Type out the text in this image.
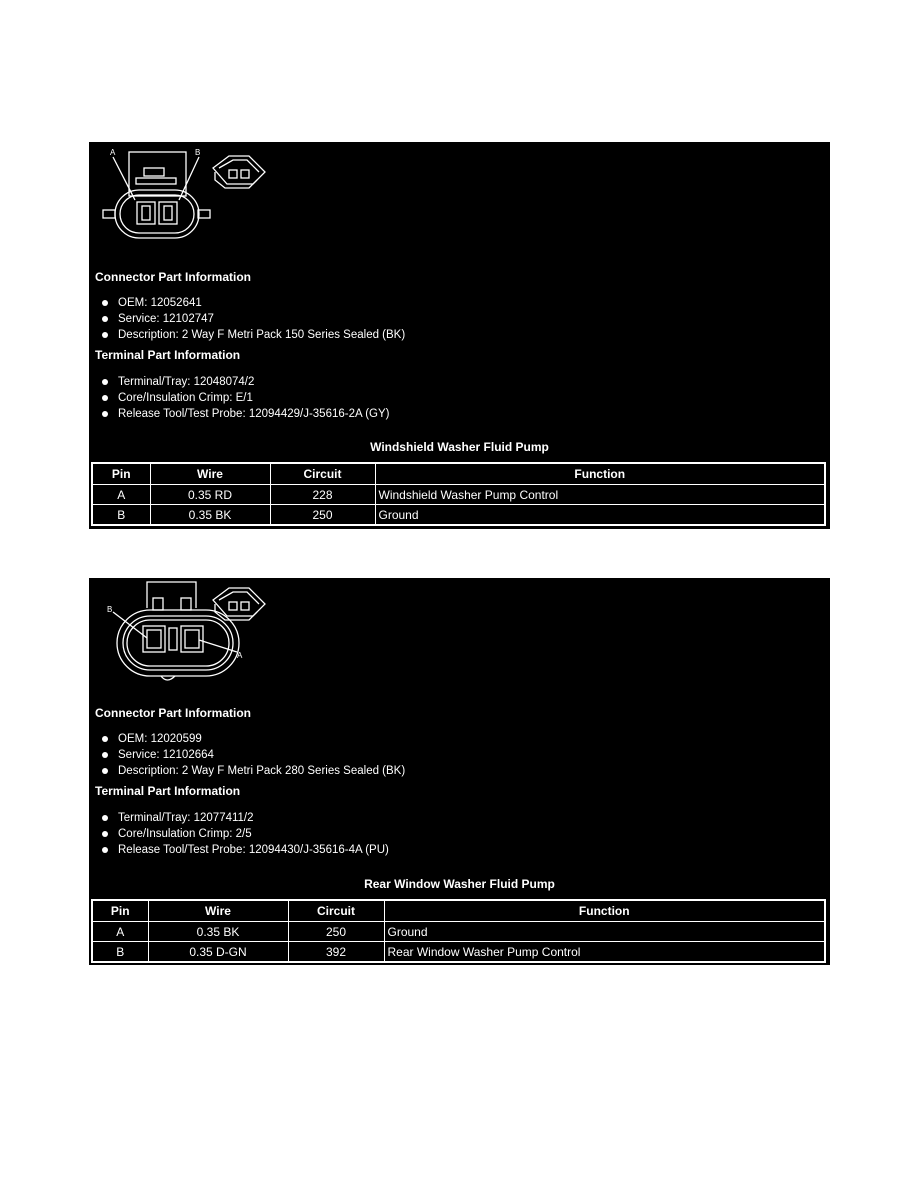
A	B
Connector Part Information
OEM: 12052641
Service: 12102747
Description: 2 Way F Metri Pack 150 Series Sealed (BK)
Terminal Part Information
Terminal/Tray: 12048074/2
Core/Insulation Crimp: E/1
Release Tool/Test Probe: 12094429/J-35616-2A (GY)
Windshield Washer Fluid Pump
Pin	Wire	Circuit	Function
A	0.35 RD	228	Windshield Washer Pump Control
B	0.35 BK	250	Ground
B
A
Connector Part Information
OEM: 12020599
Service: 12102664
Description: 2 Way F Metri Pack 280 Series Sealed (BK)
Terminal Part Information
Terminal/Tray: 12077411/2
Core/Insulation Crimp: 2/5
Release Tool/Test Probe: 12094430/J-35616-4A (PU)
Rear Window Washer Fluid Pump
Pin	Wire	Circuit	Function
A	0.35 BK	250	Ground
B	0.35 D-GN	392	Rear Window Washer Pump Control
